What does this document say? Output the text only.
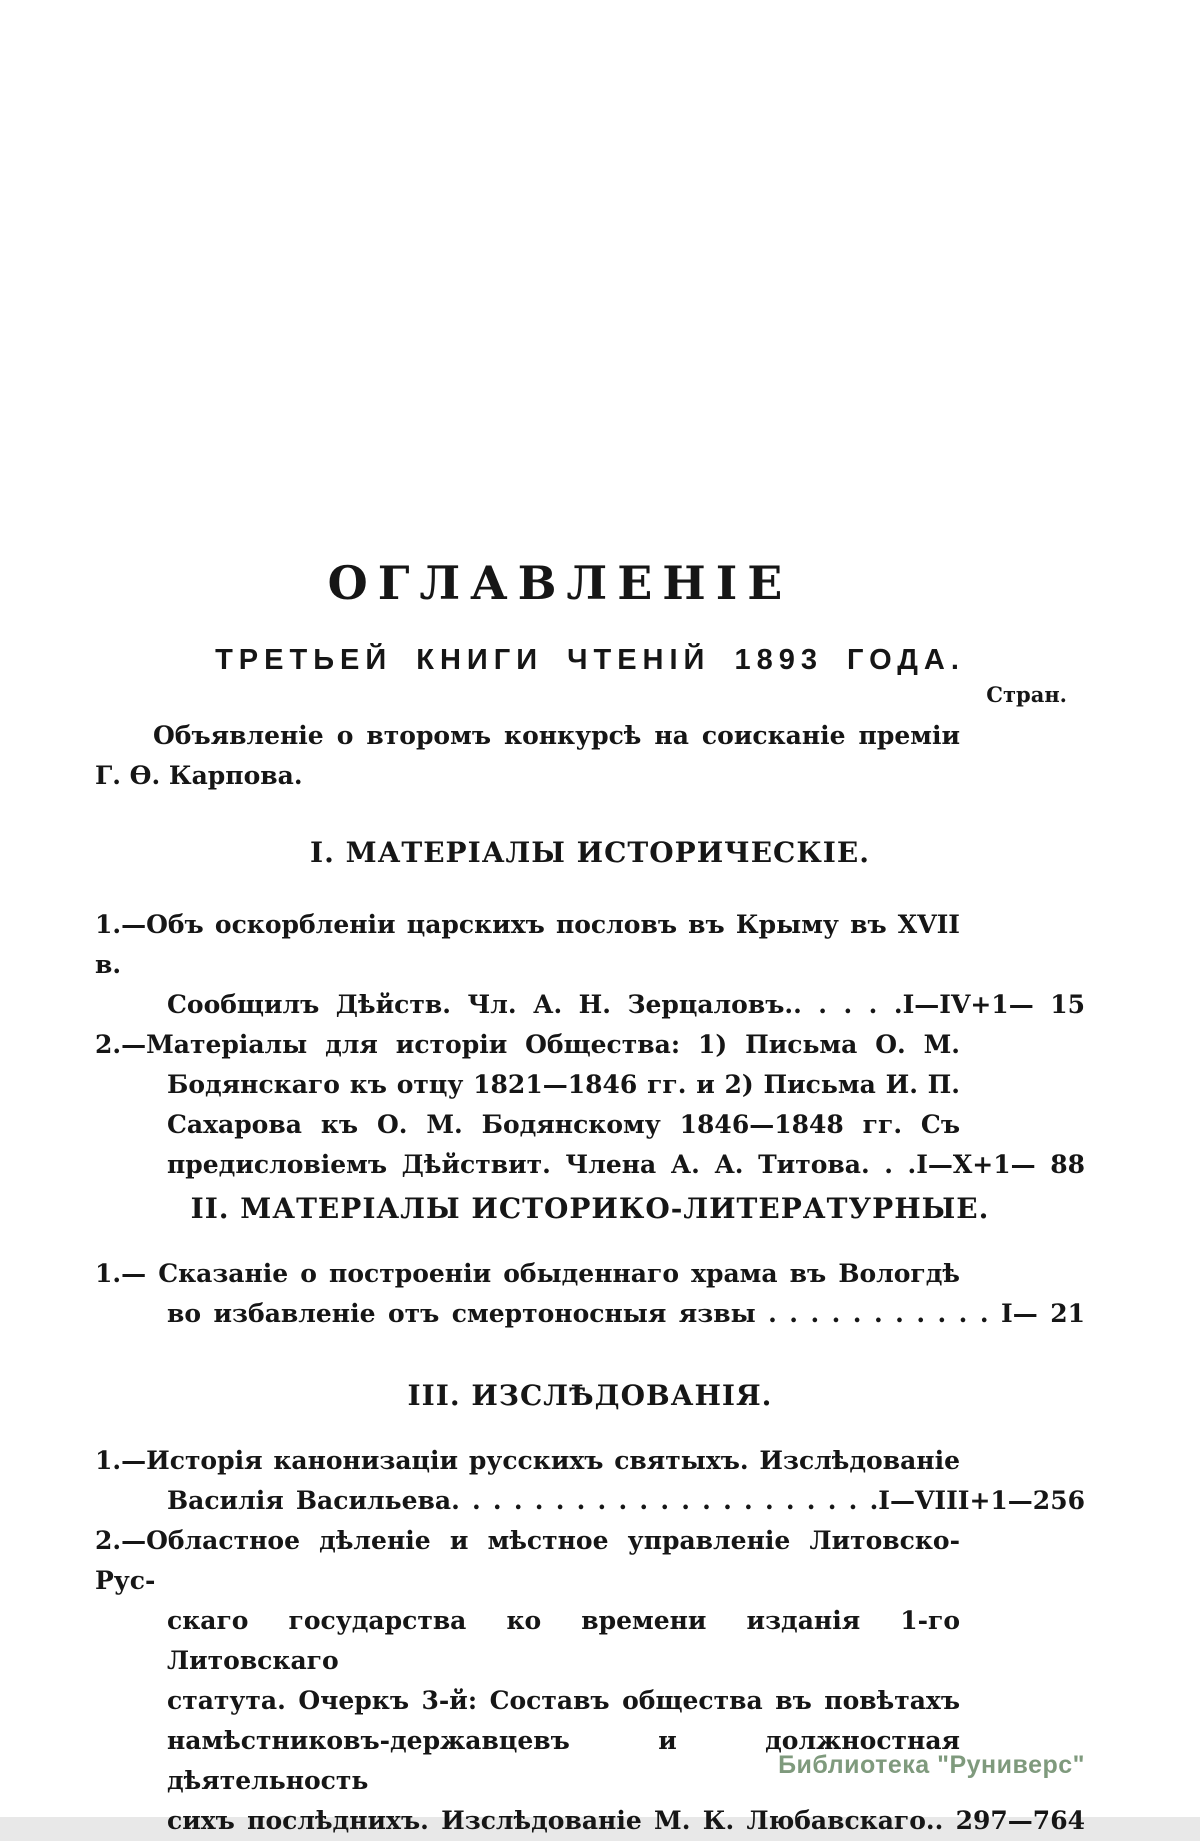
ОГЛАВЛЕНІЕ
ТРЕТЬЕЙ КНИГИ ЧТЕНІЙ 1893 ГОДА.
Стран.
Объявленіе о второмъ конкурсѣ на соисканіе преміи
Г. Ѳ. Карпова.
I. МАТЕРІАЛЫ ИСТОРИЧЕСКІЕ.
1.—Объ оскорбленіи царскихъ пословъ въ Крыму въ XVII в.
Сообщилъ Дѣйств. Чл. А. Н. Зерцаловъ.. . . . .I—IV+1— 15
2.—Матеріалы для исторіи Общества: 1) Письма О. М.
Бодянскаго къ отцу 1821—1846 гг. и 2) Письма И. П.
Сахарова къ О. М. Бодянскому 1846—1848 гг. Съ
предисловіемъ Дѣйствит. Члена А. А. Титова. . .I—X+1— 88
II. МАТЕРІАЛЫ ИСТОРИКО-ЛИТЕРАТУРНЫЕ.
1.— Сказаніе о построеніи обыденнаго храма въ Вологдѣ
во избавленіе отъ смертоносныя язвы . . . . . . . . . . . I— 21
III. ИЗСЛѢДОВАНІЯ.
1.—Исторія канонизаціи русскихъ святыхъ. Изслѣдованіе
Василія Васильева. . . . . . . . . . . . . . . . . . . . .I—VIII+1—256
2.—Областное дѣленіе и мѣстное управленіе Литовско-Рус-
скаго государства ко времени изданія 1-го Литовскаго
статута. Очеркъ 3-й: Составъ общества въ повѣтахъ
намѣстниковъ-державцевъ и должностная дѣятельность
сихъ послѣднихъ. Изслѣдованіе М. К. Любавскаго.. 297—764
Библиотека "Руниверс"
